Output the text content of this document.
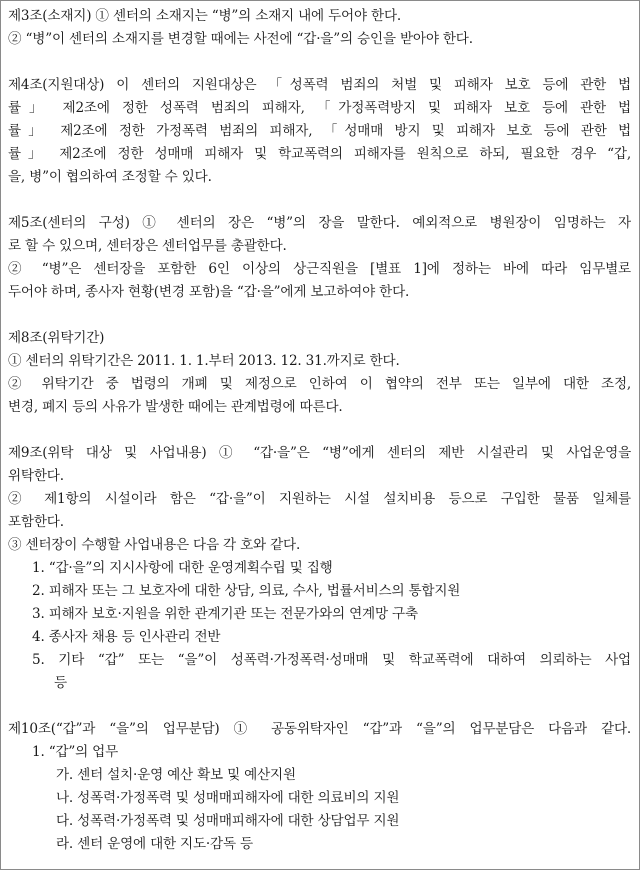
제3조(소재지) ① 센터의 소재지는 “병”의 소재지 내에 두어야 한다.
② “병”이 센터의 소재지를 변경할 때에는 사전에 “갑·을”의 승인을 받아야 한다.
제4조(지원대상) 이 센터의 지원대상은 「성폭력 범죄의 처벌 및 피해자 보호 등에 관한 법
률」 제2조에 정한 성폭력 범죄의 피해자, 「가정폭력방지 및 피해자 보호 등에 관한 법
률」 제2조에 정한 가정폭력 범죄의 피해자, 「성매매 방지 및 피해자 보호 등에 관한 법
률」 제2조에 정한 성매매 피해자 및 학교폭력의 피해자를 원칙으로 하되, 필요한 경우 “갑,
을, 병”이 협의하여 조정할 수 있다.
제5조(센터의 구성) ① 센터의 장은 “병”의 장을 말한다. 예외적으로 병원장이 임명하는 자
로 할 수 있으며, 센터장은 센터업무를 총괄한다.
② “병”은 센터장을 포함한 6인 이상의 상근직원을 [별표 1]에 정하는 바에 따라 임무별로
두어야 하며, 종사자 현황(변경 포함)을 “갑·을”에게 보고하여야 한다.
제8조(위탁기간)
① 센터의 위탁기간은 2011. 1. 1.부터 2013. 12. 31.까지로 한다.
② 위탁기간 중 법령의 개폐 및 제정으로 인하여 이 협약의 전부 또는 일부에 대한 조정,
변경, 폐지 등의 사유가 발생한 때에는 관계법령에 따른다.
제9조(위탁 대상 및 사업내용) ① “갑·을”은 “병”에게 센터의 제반 시설관리 및 사업운영을
위탁한다.
② 제1항의 시설이라 함은 “갑·을”이 지원하는 시설 설치비용 등으로 구입한 물품 일체를
포함한다.
③ 센터장이 수행할 사업내용은 다음 각 호와 같다.
1. “갑·을”의 지시사항에 대한 운영계획수립 및 집행
2. 피해자 또는 그 보호자에 대한 상담, 의료, 수사, 법률서비스의 통합지원
3. 피해자 보호·지원을 위한 관계기관 또는 전문가와의 연계망 구축
4. 종사자 채용 등 인사관리 전반
5. 기타 “갑” 또는 “을”이 성폭력·가정폭력·성매매 및 학교폭력에 대하여 의뢰하는 사업
등
제10조(“갑”과 “을”의 업무분담) ① 공동위탁자인 “갑”과 “을”의 업무분담은 다음과 같다.
1. “갑”의 업무
가. 센터 설치·운영 예산 확보 및 예산지원
나. 성폭력·가정폭력 및 성매매피해자에 대한 의료비의 지원
다. 성폭력·가정폭력 및 성매매피해자에 대한 상담업무 지원
라. 센터 운영에 대한 지도·감독 등
